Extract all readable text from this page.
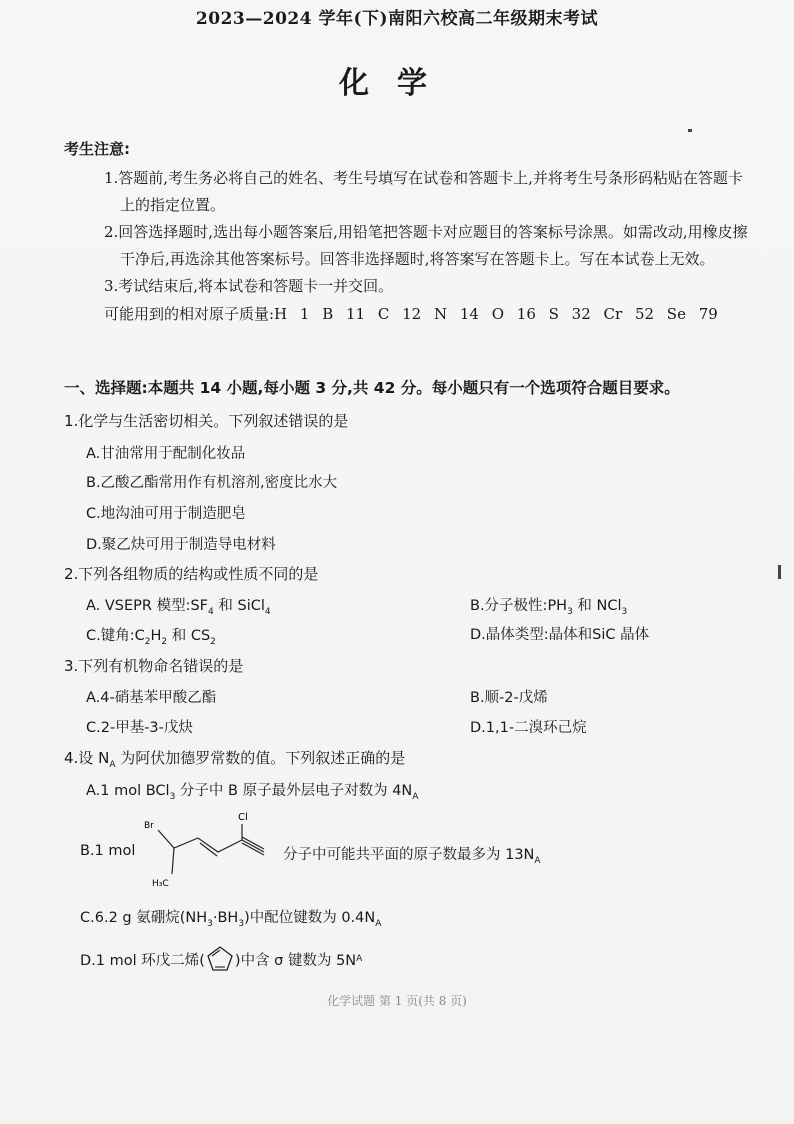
2023—2024 学年(下)南阳六校高二年级期末考试
化学
考生注意:
1.答题前,考生务必将自己的姓名、考生号填写在试卷和答题卡上,并将考生号条形码粘贴在答题卡上的指定位置。
2.回答选择题时,选出每小题答案后,用铅笔把答题卡对应题目的答案标号涂黑。如需改动,用橡皮擦干净后,再选涂其他答案标号。回答非选择题时,将答案写在答题卡上。写在本试卷上无效。
3.考试结束后,将本试卷和答题卡一并交回。
可能用到的相对原子质量:H 1 B 11 C 12 N 14 O 16 S 32 Cr 52 Se 79
一、选择题:本题共 14 小题,每小题 3 分,共 42 分。每小题只有一个选项符合题目要求。
1.化学与生活密切相关。下列叙述错误的是
A.甘油常用于配制化妆品
B.乙酸乙酯常用作有机溶剂,密度比水大
C.地沟油可用于制造肥皂
D.聚乙炔可用于制造导电材料
2.下列各组物质的结构或性质不同的是
A. VSEPR 模型$:SF_4$ 和 SiCl$_4$	B.分子极性$:PH_3$ 和 NCl$_3$
C.键角$:C_2H_2$ 和 $CS_2$	D.晶体类型:晶体和SiC 晶体
3.下列有机物命名错误的是
A.4-硝基苯甲酸乙酯	B.顺-2-戊烯
C.2-甲基-3-戊炔	D.1,1-二溴环己烷
4.设 $N_A$ 为阿伏加德罗常数的值。下列叙述正确的是
A.1 mol BCl$_3$ 分子中 B 原子最外层电子对数为 $4N_A$
B.1 mol
Br
Cl
H₃C
分子中可能共平面的原子数最多为 $13N_A$
C.6.2 g 氨硼烷$(NH_3\cdot BH_3)$中配位键数为 $0.4N_A$
D.1 mol 环戊二烯( )中含 σ 键数为 5N A
化学试题 第 1 页(共 8 页)
